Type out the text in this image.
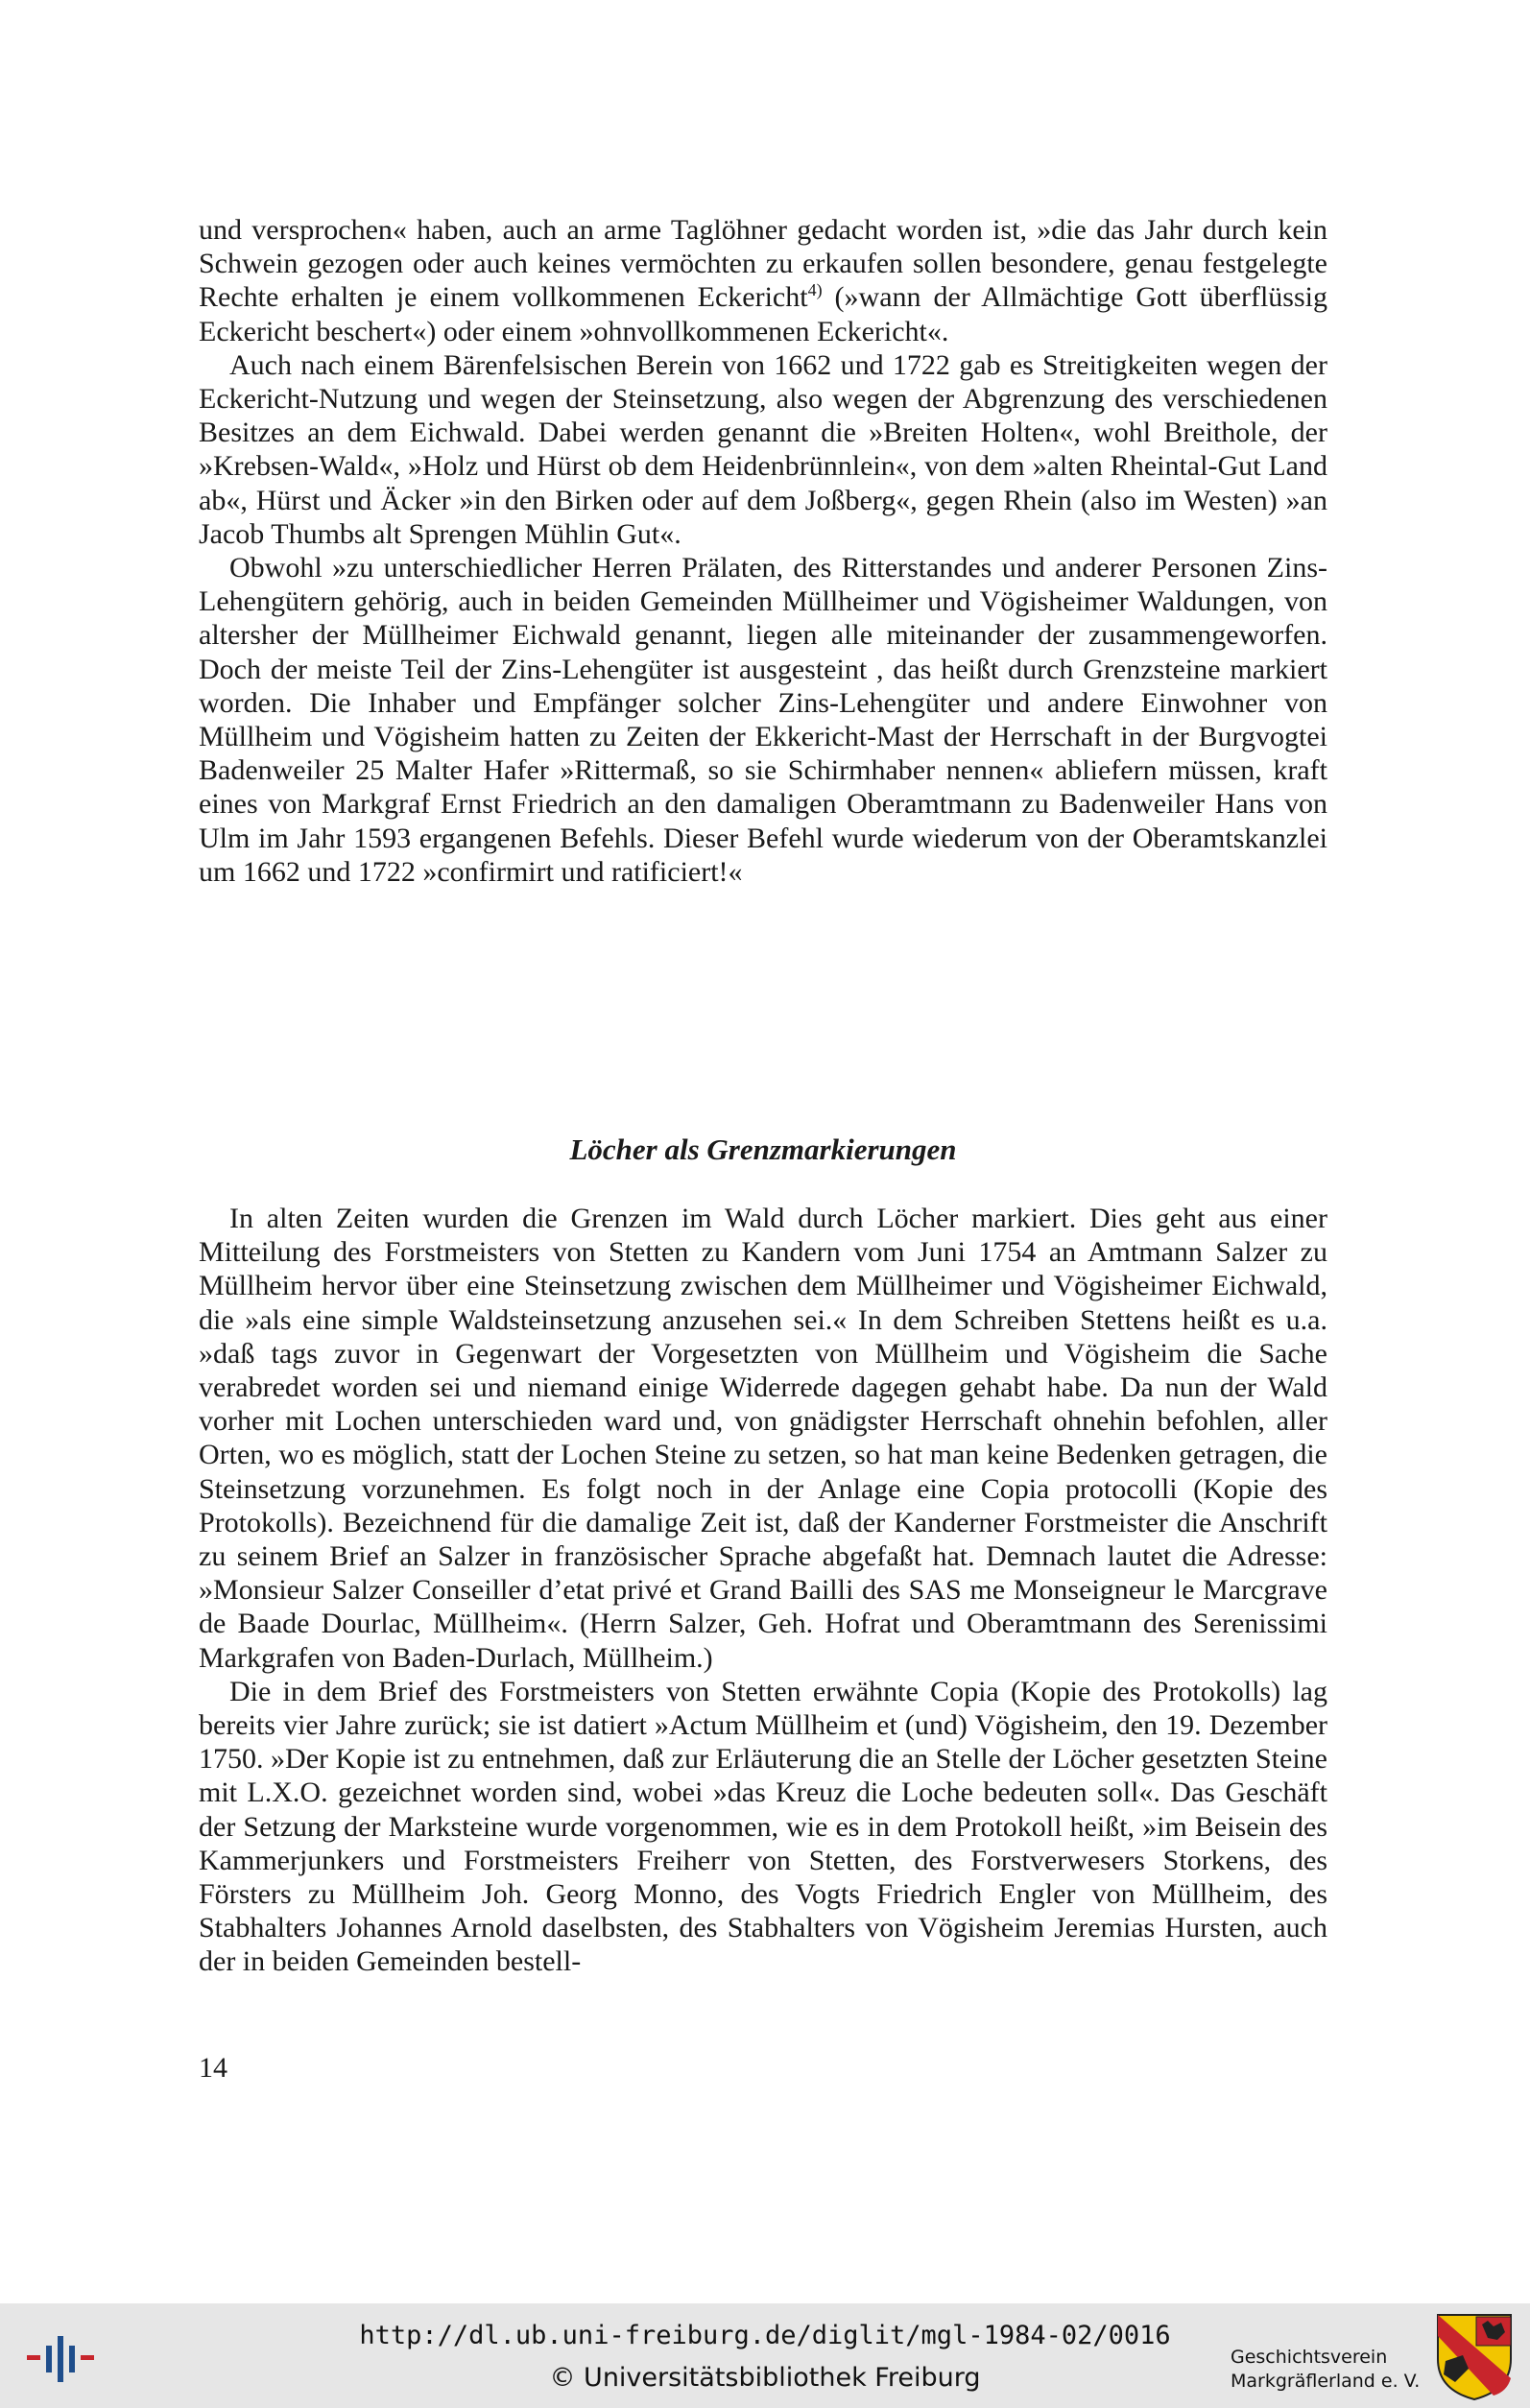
und versprochen« haben, auch an arme Taglöhner gedacht worden ist, »die das Jahr durch kein Schwein gezogen oder auch keines vermöchten zu erkaufen sollen besondere, genau festgelegte Rechte erhalten je einem vollkommenen Eckericht$^{4)}$ (»wann der Allmächtige Gott überflüssig Eckericht beschert«) oder einem »ohnvollkommenen Eckericht«.

Auch nach einem Bärenfelsischen Berein von 1662 und 1722 gab es Streitigkeiten wegen der Eckericht-Nutzung und wegen der Steinsetzung, also wegen der Abgrenzung des verschiedenen Besitzes an dem Eichwald. Dabei werden genannt die »Breiten Holten«, wohl Breithole, der »Krebsen-Wald«, »Holz und Hürst ob dem Heidenbrünnlein«, von dem »alten Rheintal-Gut Land ab«, Hürst und Äcker »in den Birken oder auf dem Joßberg«, gegen Rhein (also im Westen) »an Jacob Thumbs alt Sprengen Mühlin Gut«.

Obwohl »zu unterschiedlicher Herren Prälaten, des Ritterstandes und anderer Personen Zins-Lehengütern gehörig, auch in beiden Gemeinden Müllheimer und Vögisheimer Waldungen, von altersher der Müllheimer Eichwald genannt, liegen alle miteinander der zusammengeworfen. Doch der meiste Teil der Zins-Lehengüter ist ausgesteint , das heißt durch Grenzsteine markiert worden. Die Inhaber und Empfänger solcher Zins-Lehengüter und andere Einwohner von Müllheim und Vögisheim hatten zu Zeiten der Ekkericht-Mast der Herrschaft in der Burgvogtei Badenweiler 25 Malter Hafer »Rittermaß, so sie Schirmhaber nennen« abliefern müssen, kraft eines von Markgraf Ernst Friedrich an den damaligen Oberamtmann zu Badenweiler Hans von Ulm im Jahr 1593 ergangenen Befehls. Dieser Befehl wurde wiederum von der Oberamtskanzlei um 1662 und 1722 »confirmirt und ratificiert!«

Löcher als Grenzmarkierungen

In alten Zeiten wurden die Grenzen im Wald durch Löcher markiert. Dies geht aus einer Mitteilung des Forstmeisters von Stetten zu Kandern vom Juni 1754 an Amtmann Salzer zu Müllheim hervor über eine Steinsetzung zwischen dem Müllheimer und Vögisheimer Eichwald, die »als eine simple Waldsteinsetzung anzusehen sei.« In dem Schreiben Stettens heißt es u.a. »daß tags zuvor in Gegenwart der Vorgesetzten von Müllheim und Vögisheim die Sache verabredet worden sei und niemand einige Widerrede dagegen gehabt habe. Da nun der Wald vorher mit Lochen unterschieden ward und, von gnädigster Herrschaft ohnehin befohlen, aller Orten, wo es möglich, statt der Lochen Steine zu setzen, so hat man keine Bedenken getragen, die Steinsetzung vorzunehmen. Es folgt noch in der Anlage eine Copia protocolli (Kopie des Protokolls). Bezeichnend für die damalige Zeit ist, daß der Kanderner Forstmeister die Anschrift zu seinem Brief an Salzer in französischer Sprache abgefaßt hat. Demnach lautet die Adresse: »Monsieur Salzer Conseiller d’etat privé et Grand Bailli des SAS me Monseigneur le Marcgrave de Baade Dourlac, Müllheim«. (Herrn Salzer, Geh. Hofrat und Oberamtmann des Serenissimi Markgrafen von Baden-Durlach, Müllheim.)

Die in dem Brief des Forstmeisters von Stetten erwähnte Copia (Kopie des Protokolls) lag bereits vier Jahre zurück; sie ist datiert »Actum Müllheim et (und) Vögisheim, den 19. Dezember 1750. »Der Kopie ist zu entnehmen, daß zur Erläuterung die an Stelle der Löcher gesetzten Steine mit L.X.O. gezeichnet worden sind, wobei »das Kreuz die Loche bedeuten soll«. Das Geschäft der Setzung der Marksteine wurde vorgenommen, wie es in dem Protokoll heißt, »im Beisein des Kammerjunkers und Forstmeisters Freiherr von Stetten, des Forstverwesers Storkens, des Försters zu Müllheim Joh. Georg Monno, des Vogts Friedrich Engler von Müllheim, des Stabhalters Johannes Arnold daselbsten, des Stabhalters von Vögisheim Jeremias Hursten, auch der in beiden Gemeinden bestell-

14
http://dl.ub.uni-freiburg.de/diglit/mgl-1984-02/0016
© Universitätsbibliothek Freiburg
Geschichtsverein
Markgräflerland e. V.
